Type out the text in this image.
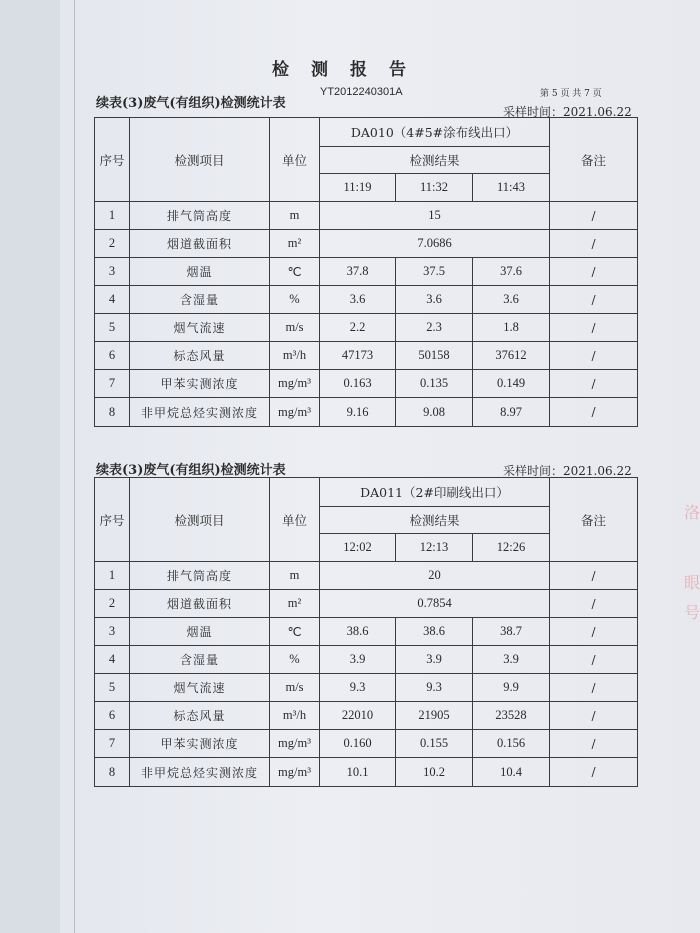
检测报告
YT2012240301A	第 5 页 共 7 页
续表(3)废气(有组织)检测统计表
采样时间：2021.06.22
序号	检测项目	单位	DA010（4#5#涂布线出口）			备注
			检测结果			
			11:19	11:32	11:43	
1	排气筒高度	m	15			/
2	烟道截面积	m²	7.0686			/
3	烟温	℃	37.8	37.5	37.6	/
4	含湿量	%	3.6	3.6	3.6	/
5	烟气流速	m/s	2.2	2.3	1.8	/
6	标态风量	m³/h	47173	50158	37612	/
7	甲苯实测浓度	mg/m³	0.163	0.135	0.149	/
8	非甲烷总烃实测浓度	mg/m³	9.16	9.08	8.97	/
续表(3)废气(有组织)检测统计表	采样时间：2021.06.22
序号	检测项目	单位	DA011（2#印刷线出口）			备注
			检测结果			
			12:02	12:13	12:26	
1	排气筒高度	m	20			/
2	烟道截面积	m²	0.7854			/
3	烟温	℃	38.6	38.6	38.7	/
4	含湿量	%	3.9	3.9	3.9	/
5	烟气流速	m/s	9.3	9.3	9.9	/
6	标态风量	m³/h	22010	21905	23528	/
7	甲苯实测浓度	mg/m³	0.160	0.155	0.156	/
8	非甲烷总烃实测浓度	mg/m³	10.1	10.2	10.4	/
洛
眼
号
